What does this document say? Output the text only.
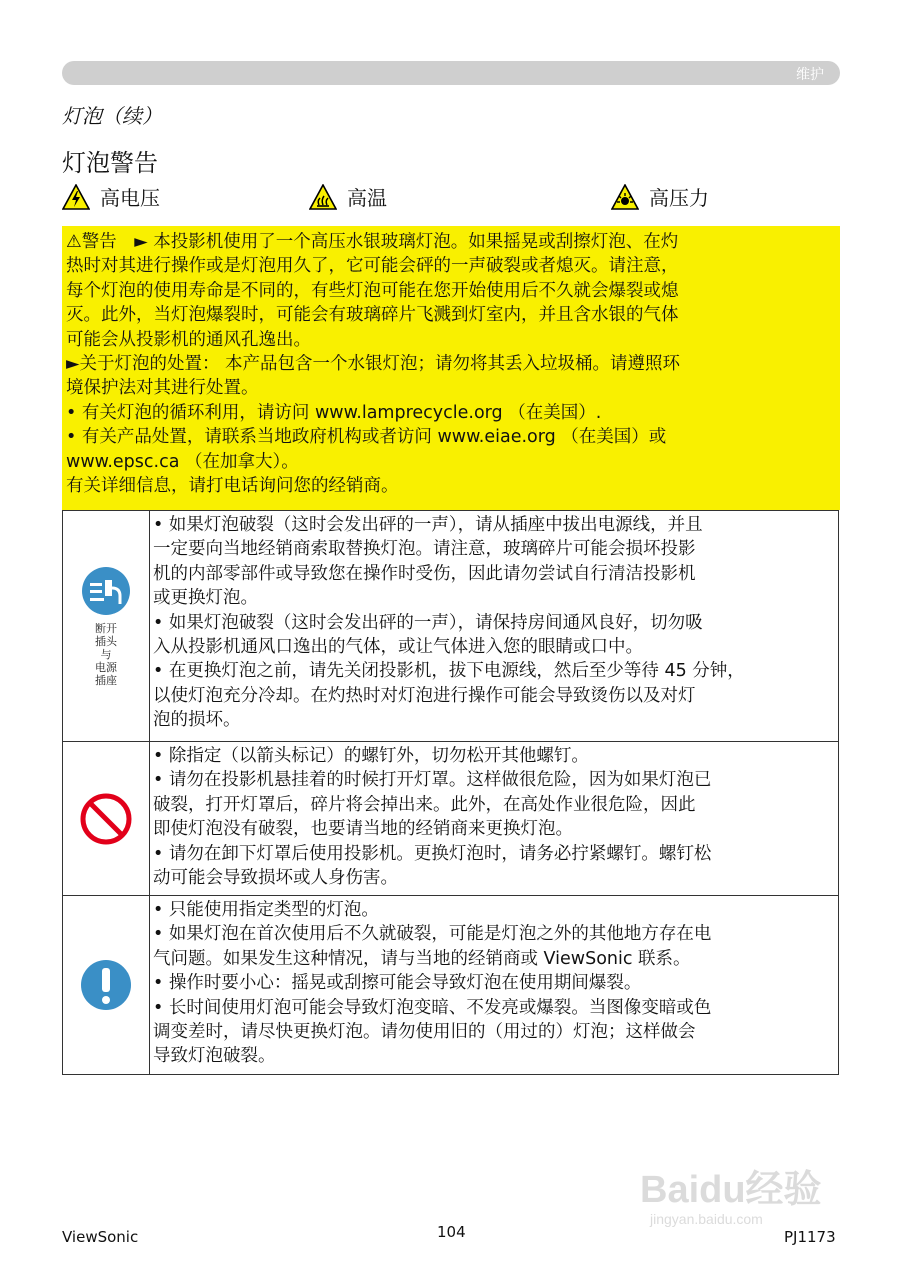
维护
灯泡（续）
灯泡警告
高电压	高温	高压力

⚠警告　► 本投影机使用了一个高压水银玻璃灯泡。如果摇晃或刮擦灯泡、在灼

热时对其进行操作或是灯泡用久了，它可能会砰的一声破裂或者熄灭。请注意，

每个灯泡的使用寿命是不同的，有些灯泡可能在您开始使用后不久就会爆裂或熄

灭。此外，当灯泡爆裂时，可能会有玻璃碎片飞溅到灯室内，并且含水银的气体

可能会从投影机的通风孔逸出。

►关于灯泡的处置： 本产品包含一个水银灯泡；请勿将其丢入垃圾桶。请遵照环

境保护法对其进行处置。

• 有关灯泡的循环利用，请访问 www.lamprecycle.org （在美国）.

• 有关产品处置，请联系当地政府机构或者访问 www.eiae.org （在美国）或

www.epsc.ca （在加拿大）。

有关详细信息，请打电话询问您的经销商。

断开
插头
与
电源
插座

• 如果灯泡破裂（这时会发出砰的一声），请从插座中拔出电源线，并且

一定要向当地经销商索取替换灯泡。请注意，玻璃碎片可能会损坏投影

机的内部零部件或导致您在操作时受伤，因此请勿尝试自行清洁投影机

或更换灯泡。

• 如果灯泡破裂（这时会发出砰的一声），请保持房间通风良好，切勿吸

入从投影机通风口逸出的气体，或让气体进入您的眼睛或口中。

• 在更换灯泡之前，请先关闭投影机，拔下电源线，然后至少等待 45 分钟，

以使灯泡充分冷却。在灼热时对灯泡进行操作可能会导致烫伤以及对灯

泡的损坏。

• 除指定（以箭头标记）的螺钉外，切勿松开其他螺钉。

• 请勿在投影机悬挂着的时候打开灯罩。这样做很危险，因为如果灯泡已

破裂，打开灯罩后，碎片将会掉出来。此外，在高处作业很危险，因此

即使灯泡没有破裂，也要请当地的经销商来更换灯泡。

• 请勿在卸下灯罩后使用投影机。更换灯泡时，请务必拧紧螺钉。螺钉松

动可能会导致损坏或人身伤害。

• 只能使用指定类型的灯泡。

• 如果灯泡在首次使用后不久就破裂，可能是灯泡之外的其他地方存在电

气问题。如果发生这种情况，请与当地的经销商或 ViewSonic 联系。

• 操作时要小心：摇晃或刮擦可能会导致灯泡在使用期间爆裂。

• 长时间使用灯泡可能会导致灯泡变暗、不发亮或爆裂。当图像变暗或色

调变差时，请尽快更换灯泡。请勿使用旧的（用过的）灯泡；这样做会

导致灯泡破裂。

Baidu经验
jingyan.baidu.com
ViewSonic	104	PJ1173
